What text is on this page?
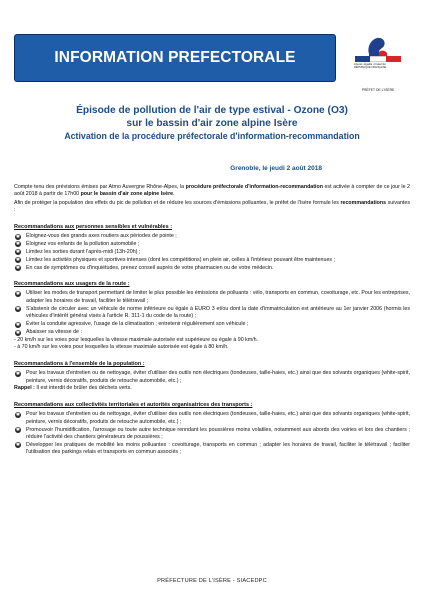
INFORMATION PREFECTORALE	Liberté • Égalité • Fraternité RÉPUBLIQUE FRANÇAISE
PRÉFET DE L'ISÈRE
Épisode de pollution de l'air de type estival - Ozone (O3)
sur le bassin d'air zone alpine Isère
Activation de la procédure préfectorale d'information-recommandation
Grenoble, le jeudi 2 août 2018

Compte tenu des prévisions émises par Atmo Auvergne Rhône-Alpes, la procédure préfectorale d'information-recommandation est activée à compter de ce jour le 2 août 2018 à partir de 17h00 pour le bassin d'air zone alpine Isère.

Afin de protéger la population des effets du pic de pollution et de réduire les sources d'émissions polluantes, le préfet de l'Isère formule les recommandations suivantes :

Recommandations aux personnes sensibles et vulnérables :
✱ Éloignez-vous des grands axes routiers aux périodes de pointe ;
✱ Éloignez vos enfants de la pollution automobile ;
✱ Limitez les sorties durant l'après-midi (13h-20h) ;
✱ Limitez les activités physiques et sportives intenses (dont les compétitions) en plein air, celles à l'intérieur pouvant être maintenues ;
✱ En cas de symptômes ou d'inquiétudes, prenez conseil auprès de votre pharmacien ou de votre médecin.
Recommandations aux usagers de la route :
✱ Utiliser les modes de transport permettant de limiter le plus possible les émissions de polluants : vélo, transports en commun, covoiturage, etc. Pour les entreprises, adapter les horaires de travail, faciliter le télétravail ;
✱ S'abstenir de circuler avec un véhicule de norme inférieure ou égale à EURO 3 et/ou dont la date d'immatriculation est antérieure au 1er janvier 2006 (hormis les véhicules d'intérêt général visés à l'article R. 311-1 du code de la route) ;
✱ Éviter la conduite agressive, l'usage de la climatisation ; entretenir régulièrement son véhicule ;
✱ Abaisser sa vitesse de :

- 20 km/h sur les voies pour lesquelles la vitesse maximale autorisée est supérieure ou égale à 90 km/h.

- à 70 km/h sur les voies pour lesquelles la vitesse maximale autorisée est égale à 80 km/h.

Recommandations à l'ensemble de la population :
✱ Pour les travaux d'entretien ou de nettoyage, éviter d'utiliser des outils non électriques (tondeuses, taille-haies, etc.) ainsi que des solvants organiques (white-spirit, peinture, vernis décoratifs, produits de retouche automobile, etc.) ;

Rappel : Il est interdit de brûler des déchets verts.

Recommandations aux collectivités territoriales et autorités organisatrices des transports :
✱ Pour les travaux d'entretien ou de nettoyage, éviter d'utiliser des outils non électriques (tondeuses, taille-haies, etc.) ainsi que des solvants organiques (white-spirit, peinture, vernis décoratifs, produits de retouche automobile, etc.) ;
✱ Promouvoir l'humidification, l'arrosage ou toute autre technique renndant les poussières moins volatiles, notamment aux abords des voiries et lors des chantiers ; réduire l'activité des chantiers générateurs de poussières ;
✱ Développer les pratiques de mobilité les moins polluantes : covoiturage, transports en commun ; adapter les horaires de travail, faciliter le télétravail ; faciliter l'utilisation des parkings relais et transports en commun associés ;
PRÉFECTURE DE L'ISÈRE - SIACEDPC
